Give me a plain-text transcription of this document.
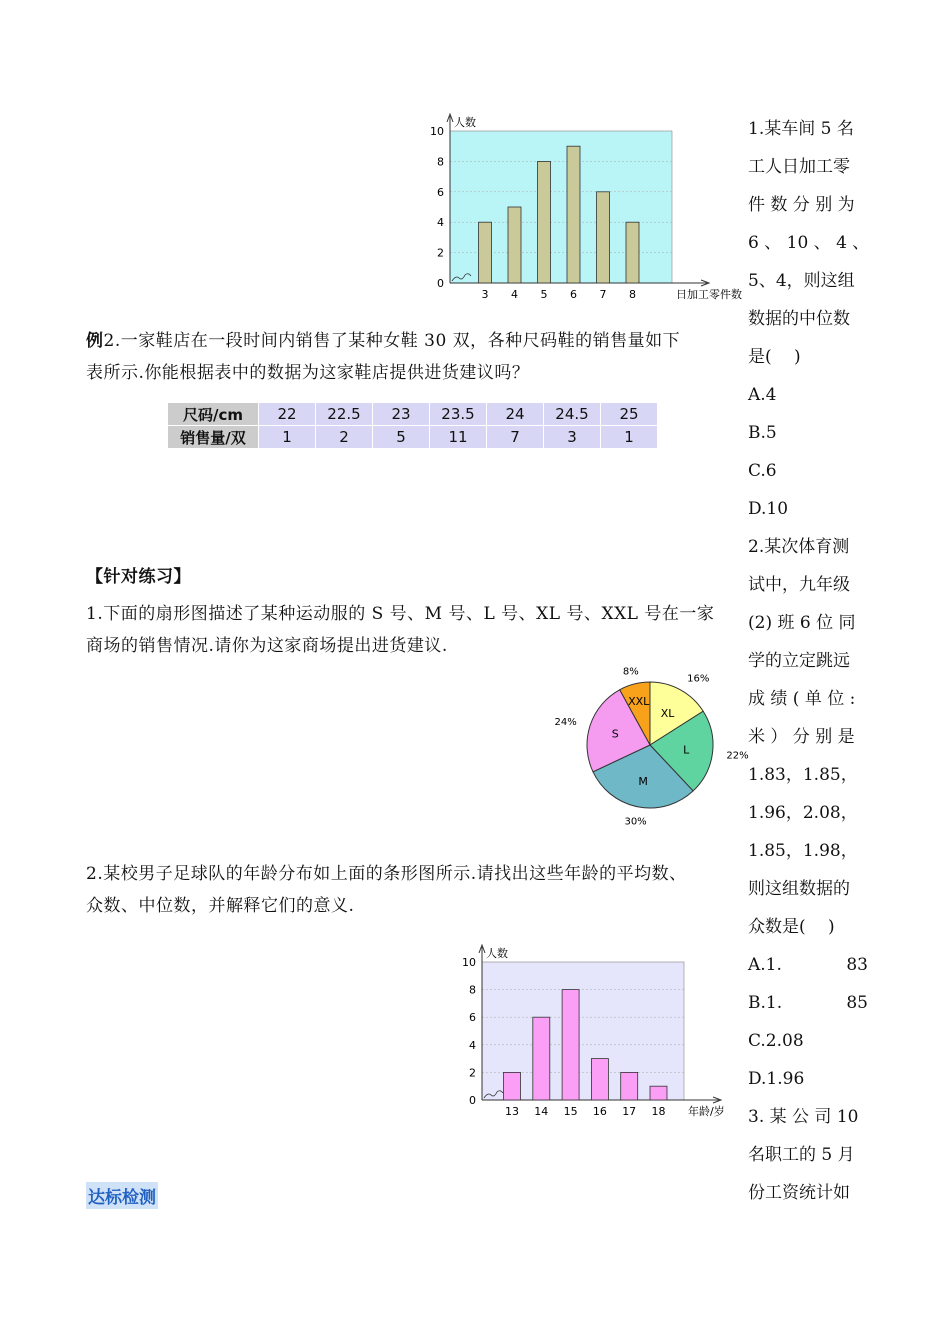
0
2
4
6
8
10
人数
日加工零件数
3 4 5 6 7 8
例2.一家鞋店在一段时间内销售了某种女鞋 30 双，各种尺码鞋的销售量如下
表所示.你能根据表中的数据为这家鞋店提供进货建议吗？
尺码/cm	22	22.5	23	23.5	24	24.5	25
销售量/双	1	2	5	11	7	3	1
【针对练习】
1.下面的扇形图描述了某种运动服的 S 号、M 号、L 号、XL 号、XXL 号在一家
商场的销售情况.请你为这家商场提出进货建议.
XXL
8%
XL
16%
L	22%
M
30%
S
24%
2.某校男子足球队的年龄分布如上面的条形图所示.请找出这些年龄的平均数、
众数、中位数，并解释它们的意义.
0
2
4
6
8
10
人数
年龄/岁
13 14 15 16 17 18
达标检测
1.某车间 5 名
工人日加工零
件 数 分 别 为
6 、 10 、 4 、
5、4，则这组
数据的中位数
是(　 )
A.4
B.5
C.6
D.10
2.某次体育测
试中，九年级
(2) 班 6 位 同
学的立定跳远
成 绩 ( 单 位 :
米 ） 分 别 是
1.83，1.85，
1.96，2.08，
1.85，1.98，
则这组数据的
众数是(　 )
A.1.	83
B.1.	85
C.2.08
D.1.96
3. 某 公 司 10
名职工的 5 月
份工资统计如
